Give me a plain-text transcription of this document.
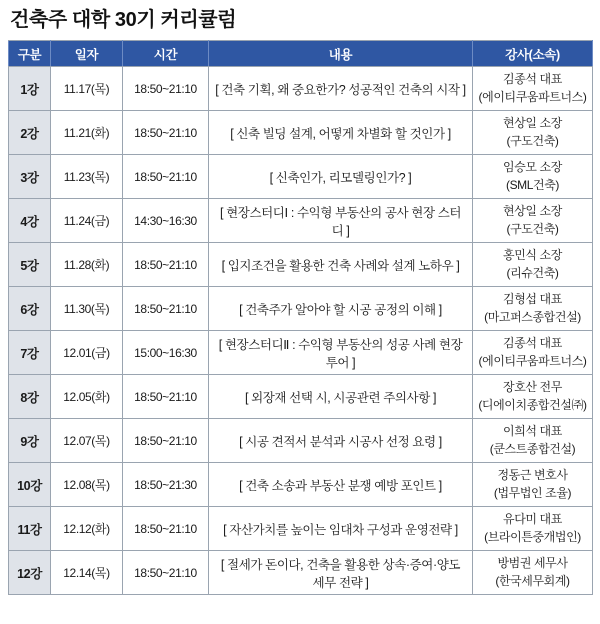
건축주 대학 30기 커리큘럼
구분	일자	시간	내용	강사(소속)
1강	11.17(목)	18:50~21:10	[ 건축 기획, 왜 중요한가? 성공적인 건축의 시작 ]	김종석 대표
(에이티쿠움파트너스)

2강	11.21(화)	18:50~21:10	[ 신축 빌딩 설계, 어떻게 차별화 할 것인가 ]	현상일 소장
(구도건축)

3강	11.23(목)	18:50~21:10	[ 신축인가, 리모델링인가? ]	임승모 소장
(SML건축)

4강	11.24(금)	14:30~16:30	[ 현장스터디Ⅰ : 수익형 부동산의 공사 현장 스터디 ]	현상일 소장
(구도건축)

5강	11.28(화)	18:50~21:10	[ 입지조건을 활용한 건축 사례와 설계 노하우 ]	홍민식 소장
(리슈건축)

6강	11.30(목)	18:50~21:10	[ 건축주가 알아야 할 시공 공정의 이해 ]	김형섭 대표
(마고퍼스종합건설)

7강	12.01(금)	15:00~16:30	[ 현장스터디Ⅱ : 수익형 부동산의 성공 사례 현장 투어 ]	김종석 대표
(에이티쿠움파트너스)

8강	12.05(화)	18:50~21:10	[ 외장재 선택 시, 시공관련 주의사항 ]	장호산 전무
(디에이치종합건설㈜)

9강	12.07(목)	18:50~21:10	[ 시공 견적서 분석과 시공사 선정 요령 ]	이희석 대표
(쿤스트종합건설)

10강	12.08(목)	18:50~21:30	[ 건축 소송과 부동산 분쟁 예방 포인트 ]	정동근 변호사
(법무법인 조율)

11강	12.12(화)	18:50~21:10	[ 자산가치를 높이는 임대차 구성과 운영전략 ]	유다미 대표
(브라이튼중개법인)

12강	12.14(목)	18:50~21:10	[ 절세가 돈이다, 건축을 활용한 상속·증여·양도 세무 전략 ]	방범권 세무사
(한국세무회계)
